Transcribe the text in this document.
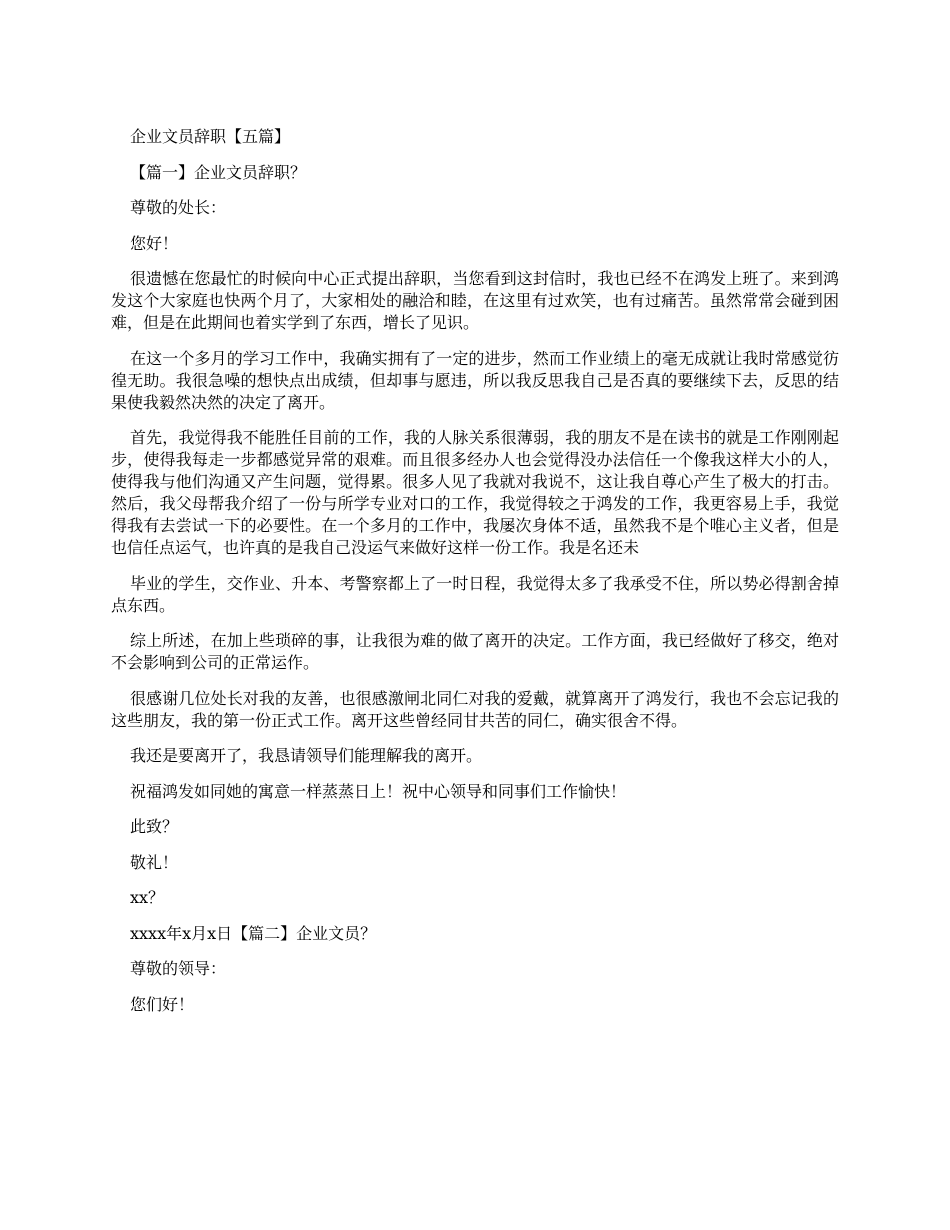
企业文员辞职【五篇】

【篇一】企业文员辞职？

尊敬的处长：

您好！

很遗憾在您最忙的时候向中心正式提出辞职，当您看到这封信时，我也已经不在鸿发上班了。来到鸿发这个大家庭也快两个月了，大家相处的融洽和睦，在这里有过欢笑，也有过痛苦。虽然常常会碰到困难，但是在此期间也着实学到了东西，增长了见识。

在这一个多月的学习工作中，我确实拥有了一定的进步，然而工作业绩上的毫无成就让我时常感觉彷徨无助。我很急噪的想快点出成绩，但却事与愿违，所以我反思我自己是否真的要继续下去，反思的结果使我毅然决然的决定了离开。

首先，我觉得我不能胜任目前的工作，我的人脉关系很薄弱，我的朋友不是在读书的就是工作刚刚起步，使得我每走一步都感觉异常的艰难。而且很多经办人也会觉得没办法信任一个像我这样大小的人，使得我与他们沟通又产生问题，觉得累。很多人见了我就对我说不，这让我自尊心产生了极大的打击。然后，我父母帮我介绍了一份与所学专业对口的工作，我觉得较之于鸿发的工作，我更容易上手，我觉得我有去尝试一下的必要性。在一个多月的工作中，我屡次身体不适，虽然我不是个唯心主义者，但是也信任点运气，也许真的是我自己没运气来做好这样一份工作。我是名还未

毕业的学生，交作业、升本、考警察都上了一时日程，我觉得太多了我承受不住，所以势必得割舍掉点东西。

综上所述，在加上些琐碎的事，让我很为难的做了离开的决定。工作方面，我已经做好了移交，绝对不会影响到公司的正常运作。

很感谢几位处长对我的友善，也很感激闸北同仁对我的爱戴，就算离开了鸿发行，我也不会忘记我的这些朋友，我的第一份正式工作。离开这些曾经同甘共苦的同仁，确实很舍不得。

我还是要离开了，我恳请领导们能理解我的离开。

祝福鸿发如同她的寓意一样蒸蒸日上！祝中心领导和同事们工作愉快！

此致？

敬礼！

xx？

xxxx年x月x日【篇二】企业文员？

尊敬的领导：

您们好！
